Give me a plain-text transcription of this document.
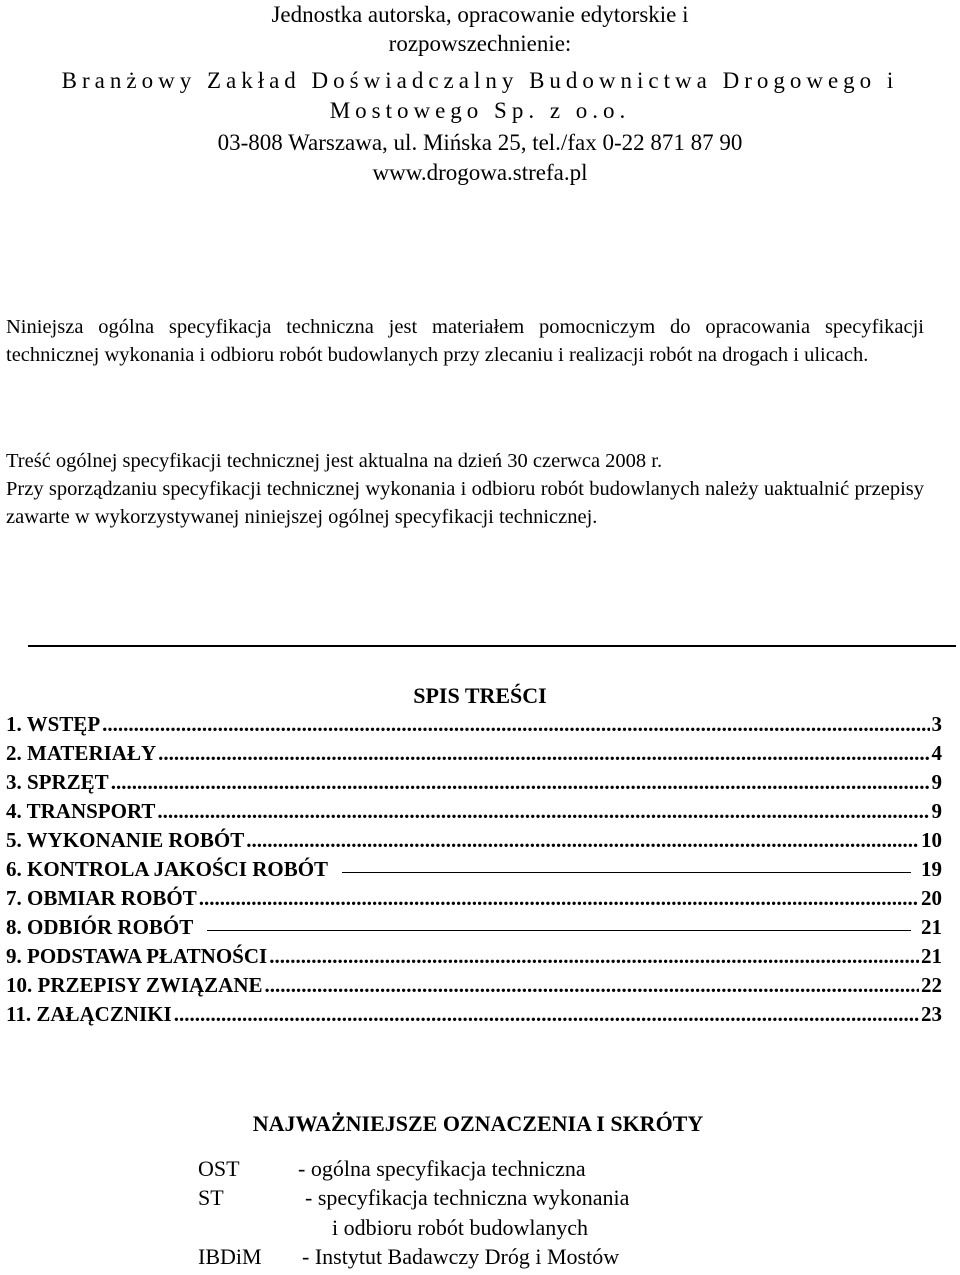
Jednostka autorska, opracowanie edytorskie i
rozpowszechnienie:
Branżowy Zakład Doświadczalny Budownictwa Drogowego i
Mostowego Sp. z o.o.
03-808 Warszawa, ul. Mińska 25, tel./fax 0-22 871 87 90
www.drogowa.strefa.pl
Niniejsza ogólna specyfikacja techniczna jest materiałem pomocniczym do opracowania specyfikacji technicznej wykonania i odbioru robót budowlanych przy zlecaniu i realizacji robót na drogach i ulicach.
Treść ogólnej specyfikacji technicznej jest aktualna na dzień 30 czerwca 2008 r.
Przy sporządzaniu specyfikacji technicznej wykonania i odbioru robót budowlanych należy uaktualnić przepisy zawarte w wykorzystywanej niniejszej ogólnej specyfikacji technicznej.
SPIS TREŚCI
1. WSTĘP .....	3
2. MATERIAŁY .....	4
3. SPRZĘT .....	9
4. TRANSPORT .....	9
5. WYKONANIE ROBÓT .....	10
6. KONTROLA JAKOŚCI ROBÓT	19
7. OBMIAR ROBÓT .....	20
8. ODBIÓR ROBÓT	21
9. PODSTAWA PŁATNOŚCI .....	21
10. PRZEPISY ZWIĄZANE .....	22
11. ZAŁĄCZNIKI .....	23
NAJWAŻNIEJSZE OZNACZENIA I SKRÓTY
OST	- ogólna specyfikacja techniczna
ST	- specyfikacja techniczna wykonania
i odbioru robót budowlanych
IBDiM - Instytut Badawczy Dróg i Mostów
